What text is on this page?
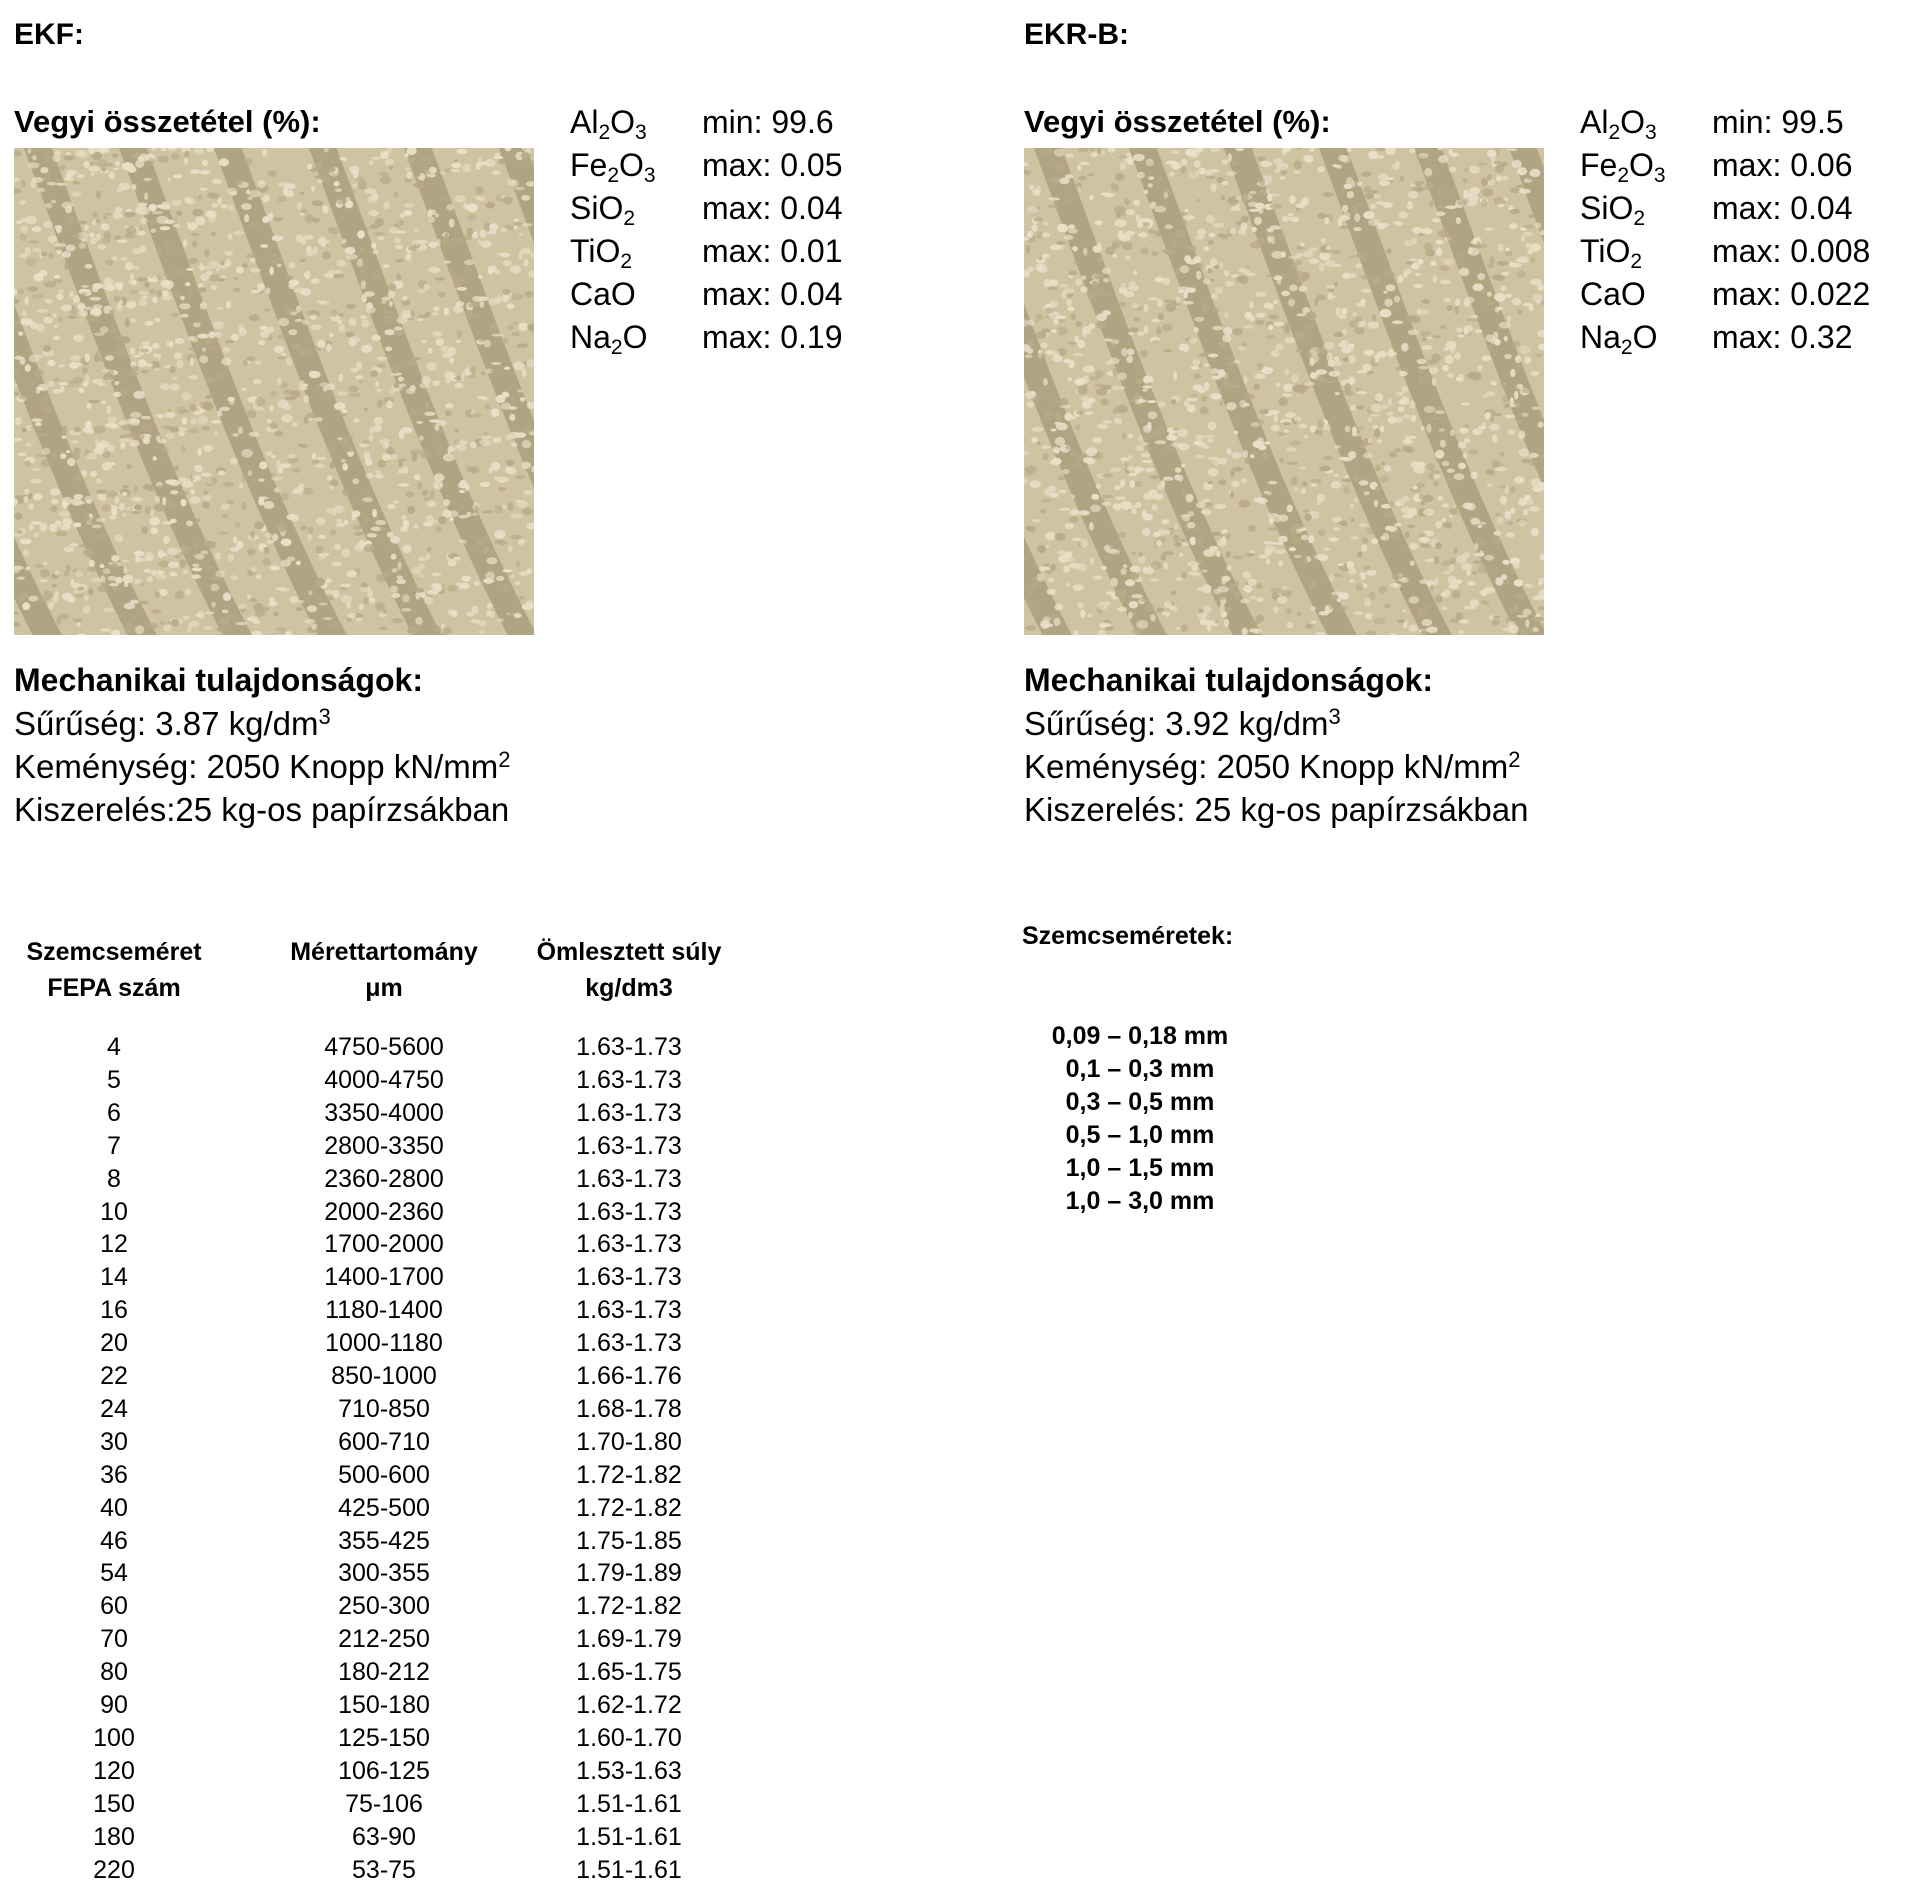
EKF:
Vegyi összetétel (%):	$Al_2O_3$ min: 99.6
$Fe_2O_3$ max: 0.05
SiO$_2$ max: 0.04
TiO$_2$ max: 0.01
CaO max: 0.04
$Na_2O$ max: 0.19
Mechanikai tulajdonságok:
Sűrűség: 3.87 $kg/dm^3$
Keménység: 2050 Knopp $kN/mm^2$
Kiszerelés:25 kg-os papírzsákban
Szemcseméret
FEPA szám
Mérettartomány
μm
Ömlesztett súly
kg/dm3
4	4750-5600	1.63-1.73
5	4000-4750	1.63-1.73
6	3350-4000	1.63-1.73
7	2800-3350	1.63-1.73
8	2360-2800	1.63-1.73
10	2000-2360	1.63-1.73
12	1700-2000	1.63-1.73
14	1400-1700	1.63-1.73
16	1180-1400	1.63-1.73
20	1000-1180	1.63-1.73
22	850-1000	1.66-1.76
24	710-850	1.68-1.78
30	600-710	1.70-1.80
36	500-600	1.72-1.82
40	425-500	1.72-1.82
46	355-425	1.75-1.85
54	300-355	1.79-1.89
60	250-300	1.72-1.82
70	212-250	1.69-1.79
80	180-212	1.65-1.75
90	150-180	1.62-1.72
100	125-150	1.60-1.70
120	106-125	1.53-1.63
150	75-106	1.51-1.61
180	63-90	1.51-1.61
220	53-75	1.51-1.61
EKR-B:
Vegyi összetétel (%):	$Al_2O_3$ min: 99.5
$Fe_2O_3$ max: 0.06
SiO$_2$ max: 0.04
TiO$_2$ max: 0.008
CaO max: 0.022
$Na_2O$ max: 0.32
Mechanikai tulajdonságok:
Sűrűség: 3.92 $kg/dm^3$
Keménység: 2050 Knopp $kN/mm^2$
Kiszerelés: 25 kg-os papírzsákban
Szemcseméretek:
0,09 – 0,18 mm
0,1 – 0,3 mm
0,3 – 0,5 mm
0,5 – 1,0 mm
1,0 – 1,5 mm
1,0 – 3,0 mm
